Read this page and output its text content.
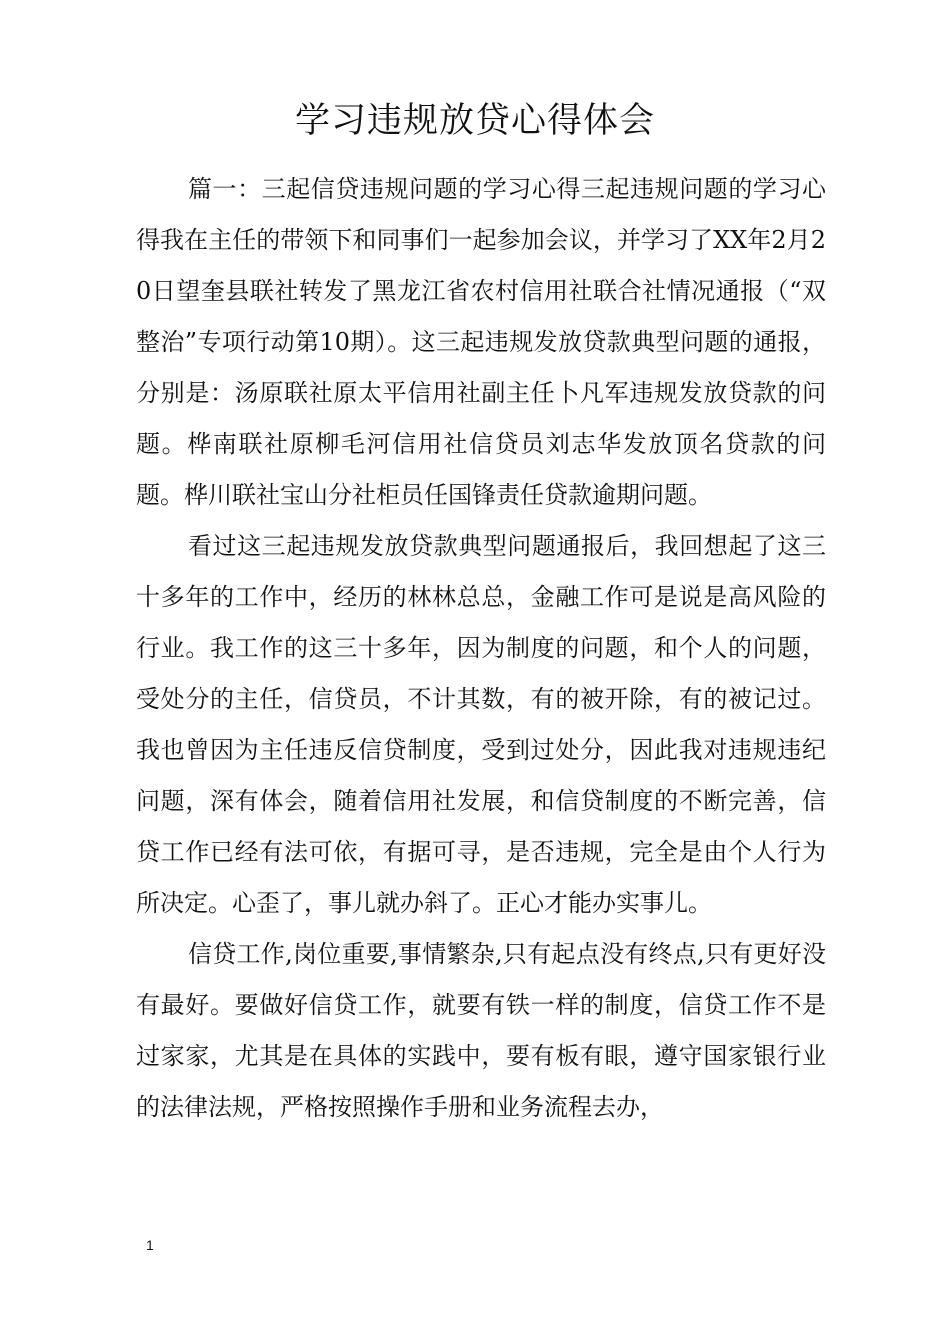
学习违规放贷心得体会

篇一：三起信贷违规问题的学习心得三起违规问题的学习心得我在主任的带领下和同事们一起参加会议，并学习了XX年2月20日望奎县联社转发了黑龙江省农村信用社联合社情况通报（“双整治”专项行动第10期）。这三起违规发放贷款典型问题的通报，分别是：汤原联社原太平信用社副主任卜凡军违规发放贷款的问题。桦南联社原柳毛河信用社信贷员刘志华发放顶名贷款的问题。桦川联社宝山分社柜员任国锋责任贷款逾期问题。

看过这三起违规发放贷款典型问题通报后，我回想起了这三十多年的工作中，经历的林林总总，金融工作可是说是高风险的行业。我工作的这三十多年，因为制度的问题，和个人的问题，受处分的主任，信贷员，不计其数，有的被开除，有的被记过。我也曾因为主任违反信贷制度，受到过处分，因此我对违规违纪问题，深有体会，随着信用社发展，和信贷制度的不断完善，信贷工作已经有法可依，有据可寻，是否违规，完全是由个人行为所决定。心歪了，事儿就办斜了。正心才能办实事儿。

信贷工作,岗位重要,事情繁杂,只有起点没有终点,只有更好没有最好。要做好信贷工作，就要有铁一样的制度，信贷工作不是过家家，尤其是在具体的实践中，要有板有眼，遵守国家银行业的法律法规，严格按照操作手册和业务流程去办，

1
